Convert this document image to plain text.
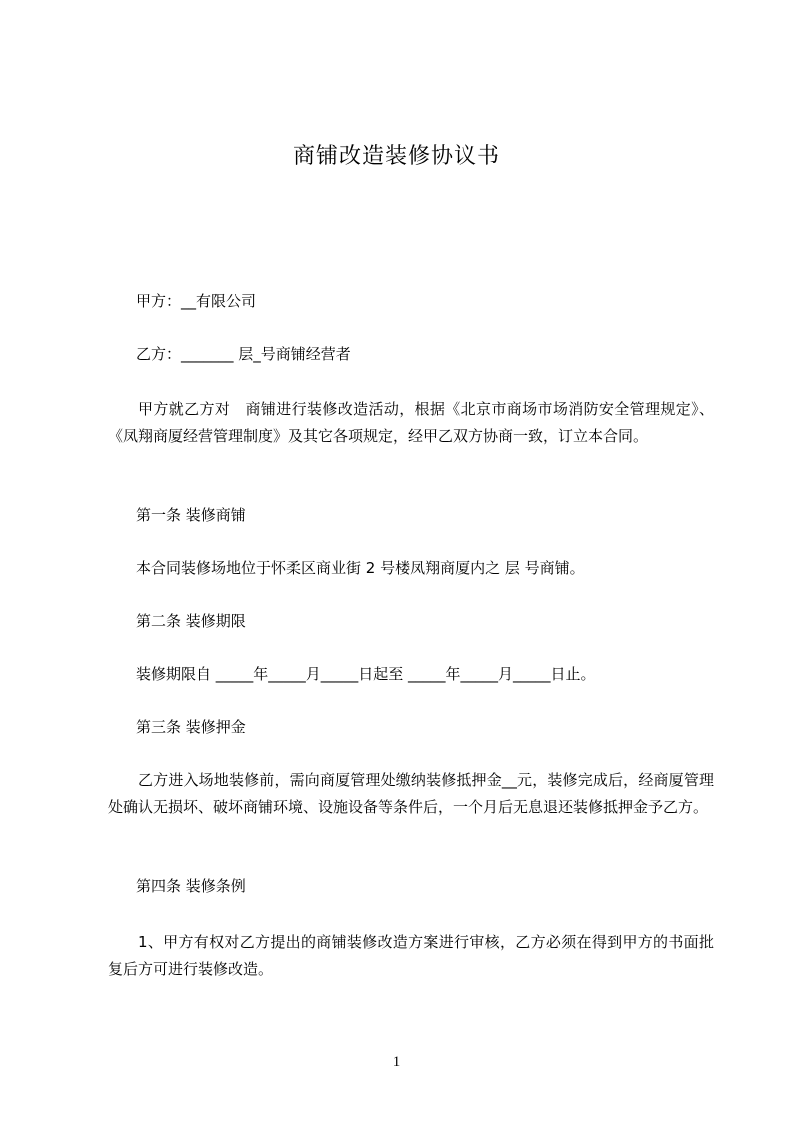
商铺改造装修协议书
甲方：__有限公司
乙方：_______ 层_号商铺经营者
甲方就乙方对　商铺进行装修改造活动，根据《北京市商场市场消防安全管理规定》、《凤翔商厦经营管理制度》及其它各项规定，经甲乙双方协商一致，订立本合同。
第一条 装修商铺
本合同装修场地位于怀柔区商业街 2 号楼凤翔商厦内之 层 号商铺。
第二条 装修期限
装修期限自 _____年_____月_____日起至 _____年_____月_____日止。
第三条 装修押金
乙方进入场地装修前，需向商厦管理处缴纳装修抵押金__元，装修完成后，经商厦管理处确认无损坏、破坏商铺环境、设施设备等条件后，一个月后无息退还装修抵押金予乙方。
第四条 装修条例
1、甲方有权对乙方提出的商铺装修改造方案进行审核，乙方必须在得到甲方的书面批复后方可进行装修改造。
1
